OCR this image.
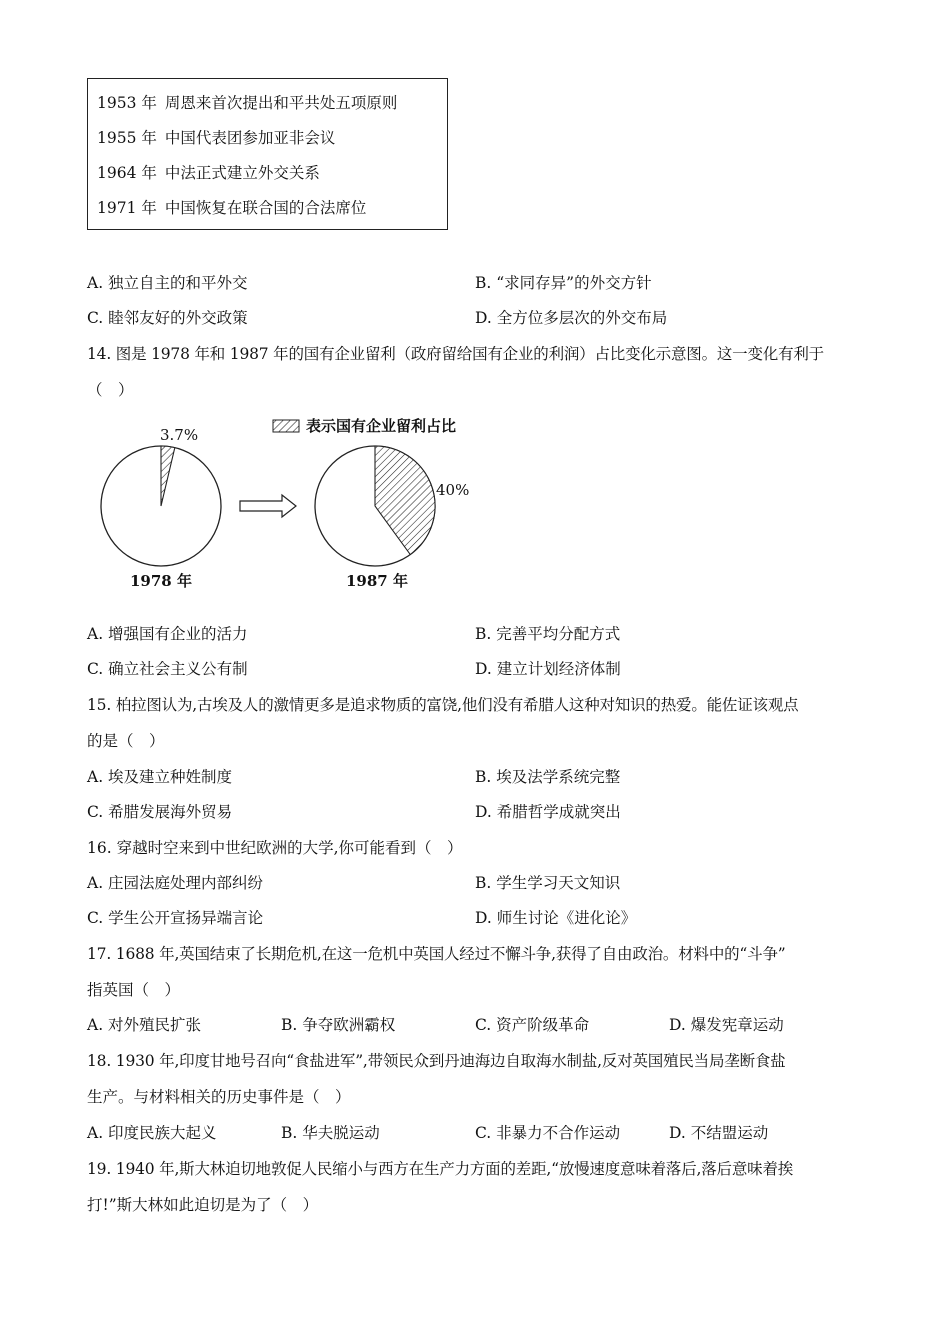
1953 年 周恩来首次提出和平共处五项原则
1955 年 中国代表团参加亚非会议
1964 年 中法正式建立外交关系
1971 年 中国恢复在联合国的合法席位
A. 独立自主的和平外交	B. “求同存异”的外交方针
C. 睦邻友好的外交政策	D. 全方位多层次的外交布局
14. 图是 1978 年和 1987 年的国有企业留利（政府留给国有企业的利润）占比变化示意图。这一变化有利于
（　）
表示国有企业留利占比
3.7%
1978 年
40%
1987 年
A. 增强国有企业的活力	B. 完善平均分配方式
C. 确立社会主义公有制	D. 建立计划经济体制
15. 柏拉图认为,古埃及人的激情更多是追求物质的富饶,他们没有希腊人这种对知识的热爱。能佐证该观点
的是（　）
A. 埃及建立种姓制度	B. 埃及法学系统完整
C. 希腊发展海外贸易	D. 希腊哲学成就突出
16. 穿越时空来到中世纪欧洲的大学,你可能看到（　）
A. 庄园法庭处理内部纠纷	B. 学生学习天文知识
C. 学生公开宣扬异端言论	D. 师生讨论《进化论》
17. 1688 年,英国结束了长期危机,在这一危机中英国人经过不懈斗争,获得了自由政治。材料中的“斗争”
指英国（　）
A. 对外殖民扩张	B. 争夺欧洲霸权	C. 资产阶级革命	D. 爆发宪章运动
18. 1930 年,印度甘地号召向“食盐进军”,带领民众到丹迪海边自取海水制盐,反对英国殖民当局垄断食盐
生产。与材料相关的历史事件是（　）
A. 印度民族大起义	B. 华夫脱运动	C. 非暴力不合作运动	D. 不结盟运动
19. 1940 年,斯大林迫切地敦促人民缩小与西方在生产力方面的差距,“放慢速度意味着落后,落后意味着挨
打!”斯大林如此迫切是为了（　）
